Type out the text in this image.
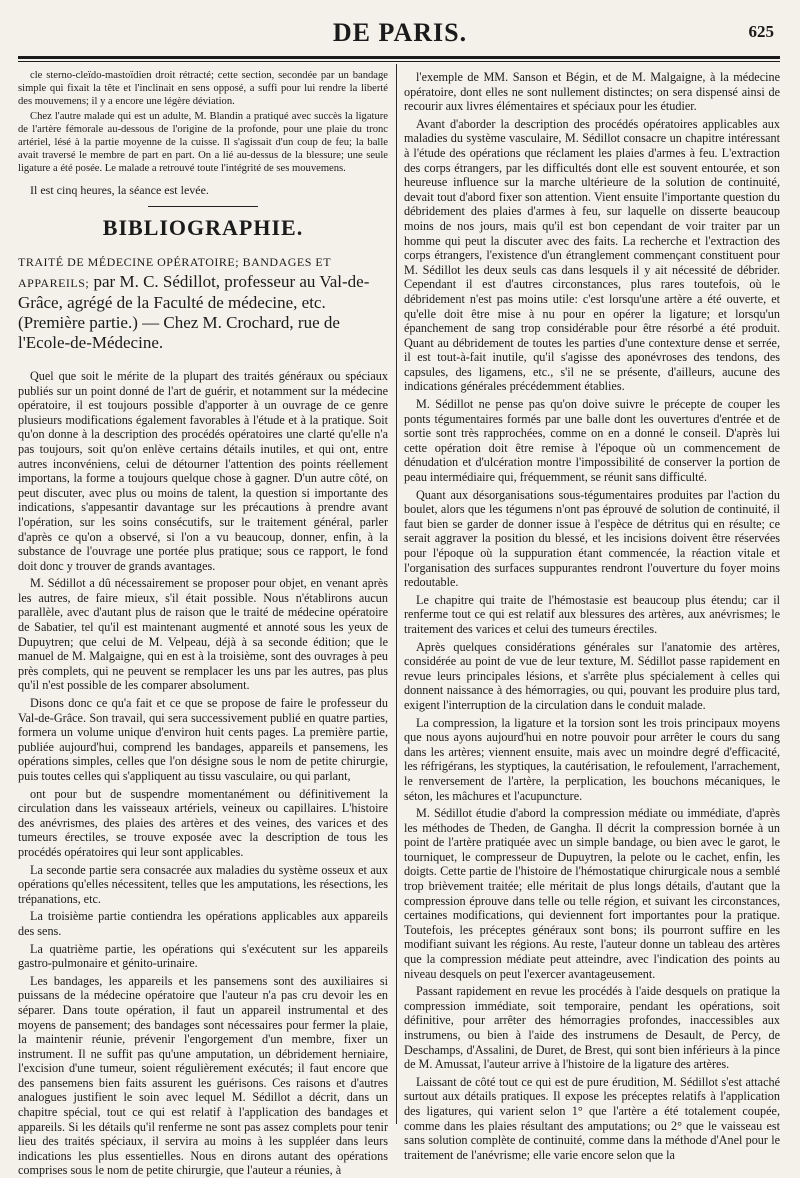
DE PARIS.	625

cle sterno-cleïdo-mastoïdien droit rétracté; cette section, secondée par un bandage simple qui fixait la tête et l'inclinait en sens opposé, a suffi pour lui rendre la liberté des mouvemens; il y a encore une légère déviation.

Chez l'autre malade qui est un adulte, M. Blandin a pratiqué avec succès la ligature de l'artère fémorale au-dessous de l'origine de la profonde, pour une plaie du tronc artériel, lésé à la partie moyenne de la cuisse. Il s'agissait d'un coup de feu; la balle avait traversé le membre de part en part. On a lié au-dessus de la blessure; une seule ligature a été posée. Le malade a retrouvé toute l'intégrité de ses mouvemens.

Il est cinq heures, la séance est levée.

BIBLIOGRAPHIE.

TRAITÉ DE MÉDECINE OPÉRATOIRE; BANDAGES ET APPAREILS; par M. C. Sédillot, professeur au Val-de-Grâce, agrégé de la Faculté de médecine, etc. (Première partie.) — Chez M. Crochard, rue de l'Ecole-de-Médecine.

Quel que soit le mérite de la plupart des traités généraux ou spéciaux publiés sur un point donné de l'art de guérir, et notamment sur la médecine opératoire, il est toujours possible d'apporter à un ouvrage de ce genre plusieurs modifications également favorables à l'étude et à la pratique. Soit qu'on donne à la description des procédés opératoires une clarté qu'elle n'a pas toujours, soit qu'on enlève certains détails inutiles, et qui ont, entre autres inconvéniens, celui de détourner l'attention des points réellement importans, la forme a toujours quelque chose à gagner. D'un autre côté, on peut discuter, avec plus ou moins de talent, la question si importante des indications, s'appesantir davantage sur les précautions à prendre avant l'opération, sur les soins consécutifs, sur le traitement général, parler d'après ce qu'on a observé, si l'on a vu beaucoup, donner, enfin, à la substance de l'ouvrage une portée plus pratique; sous ce rapport, le fond doit donc y trouver de grands avantages.

M. Sédillot a dû nécessairement se proposer pour objet, en venant après les autres, de faire mieux, s'il était possible. Nous n'établirons aucun parallèle, avec d'autant plus de raison que le traité de médecine opératoire de Sabatier, tel qu'il est maintenant augmenté et annoté sous les yeux de Dupuytren; que celui de M. Velpeau, déjà à sa seconde édition; que le manuel de M. Malgaigne, qui en est à la troisième, sont des ouvrages à peu près complets, qui ne peuvent se remplacer les uns par les autres, pas plus qu'il n'est possible de les comparer absolument.

Disons donc ce qu'a fait et ce que se propose de faire le professeur du Val-de-Grâce. Son travail, qui sera successivement publié en quatre parties, formera un volume unique d'environ huit cents pages. La première partie, publiée aujourd'hui, comprend les bandages, appareils et pansemens, les opérations simples, celles que l'on désigne sous le nom de petite chirurgie, puis toutes celles qui s'appliquent au tissu vasculaire, ou qui parlant,

ont pour but de suspendre momentanément ou définitivement la circulation dans les vaisseaux artériels, veineux ou capillaires. L'histoire des anévrismes, des plaies des artères et des veines, des varices et des tumeurs érectiles, se trouve exposée avec la description de tous les procédés opératoires qui leur sont applicables.

La seconde partie sera consacrée aux maladies du système osseux et aux opérations qu'elles nécessitent, telles que les amputations, les résections, les trépanations, etc.

La troisième partie contiendra les opérations applicables aux appareils des sens.

La quatrième partie, les opérations qui s'exécutent sur les appareils gastro-pulmonaire et génito-urinaire.

Les bandages, les appareils et les pansemens sont des auxiliaires si puissans de la médecine opératoire que l'auteur n'a pas cru devoir les en séparer. Dans toute opération, il faut un appareil instrumental et des moyens de pansement; des bandages sont nécessaires pour fermer la plaie, la maintenir réunie, prévenir l'engorgement d'un membre, fixer un instrument. Il ne suffit pas qu'une amputation, un débridement herniaire, l'excision d'une tumeur, soient régulièrement exécutés; il faut encore que des pansemens bien faits assurent les guérisons. Ces raisons et d'autres analogues justifient le soin avec lequel M. Sédillot a décrit, dans un chapitre spécial, tout ce qui est relatif à l'application des bandages et appareils. Si les détails qu'il renferme ne sont pas assez complets pour tenir lieu des traités spéciaux, il servira au moins à les suppléer dans leurs indications les plus essentielles. Nous en dirons autant des opérations comprises sous le nom de petite chirurgie, que l'auteur a réunies, à

l'exemple de MM. Sanson et Bégin, et de M. Malgaigne, à la médecine opératoire, dont elles ne sont nullement distinctes; on sera dispensé ainsi de recourir aux livres élémentaires et spéciaux pour les étudier.

Avant d'aborder la description des procédés opératoires applicables aux maladies du système vasculaire, M. Sédillot consacre un chapitre intéressant à l'étude des opérations que réclament les plaies d'armes à feu. L'extraction des corps étrangers, par les difficultés dont elle est souvent entourée, et son heureuse influence sur la marche ultérieure de la solution de continuité, devait tout d'abord fixer son attention. Vient ensuite l'importante question du débridement des plaies d'armes à feu, sur laquelle on disserte beaucoup moins de nos jours, mais qu'il est bon cependant de voir traiter par un homme qui peut la discuter avec des faits. La recherche et l'extraction des corps étrangers, l'existence d'un étranglement commençant constituent pour M. Sédillot les deux seuls cas dans lesquels il y ait nécessité de débrider. Cependant il est d'autres circonstances, plus rares toutefois, où le débridement n'est pas moins utile: c'est lorsqu'une artère a été ouverte, et qu'elle doit être mise à nu pour en opérer la ligature; et lorsqu'un épanchement de sang trop considérable pour être résorbé a été produit. Quant au débridement de toutes les parties d'une contexture dense et serrée, il est tout-à-fait inutile, qu'il s'agisse des aponévroses des tendons, des capsules, des ligamens, etc., s'il ne se présente, d'ailleurs, aucune des indications générales précédemment établies.

M. Sédillot ne pense pas qu'on doive suivre le précepte de couper les ponts tégumentaires formés par une balle dont les ouvertures d'entrée et de sortie sont très rapprochées, comme on en a donné le conseil. D'après lui cette opération doit être remise à l'époque où un commencement de dénudation et d'ulcération montre l'impossibilité de conserver la portion de peau intermédiaire qui, fréquemment, se réunit sans difficulté.

Quant aux désorganisations sous-tégumentaires produites par l'action du boulet, alors que les tégumens n'ont pas éprouvé de solution de continuité, il faut bien se garder de donner issue à l'espèce de détritus qui en résulte; ce serait aggraver la position du blessé, et les incisions doivent être réservées pour l'époque où la suppuration étant commencée, la réaction vitale et l'organisation des surfaces suppurantes rendront l'ouverture du foyer moins redoutable.

Le chapitre qui traite de l'hémostasie est beaucoup plus étendu; car il renferme tout ce qui est relatif aux blessures des artères, aux anévrismes; le traitement des varices et celui des tumeurs érectiles.

Après quelques considérations générales sur l'anatomie des artères, considérée au point de vue de leur texture, M. Sédillot passe rapidement en revue leurs principales lésions, et s'arrête plus spécialement à celles qui donnent naissance à des hémorragies, ou qui, pouvant les produire plus tard, exigent l'interruption de la circulation dans le conduit malade.

La compression, la ligature et la torsion sont les trois principaux moyens que nous ayons aujourd'hui en notre pouvoir pour arrêter le cours du sang dans les artères; viennent ensuite, mais avec un moindre degré d'efficacité, les réfrigérans, les styptiques, la cautérisation, le refoulement, l'arrachement, le renversement de l'artère, la perplication, les bouchons mécaniques, le séton, les mâchures et l'acupuncture.

M. Sédillot étudie d'abord la compression médiate ou immédiate, d'après les méthodes de Theden, de Gangha. Il décrit la compression bornée à un point de l'artère pratiquée avec un simple bandage, ou bien avec le garot, le tourniquet, le compresseur de Dupuytren, la pelote ou le cachet, enfin, les doigts. Cette partie de l'histoire de l'hémostatique chirurgicale nous a semblé trop brièvement traitée; elle méritait de plus longs détails, d'autant que la compression éprouve dans telle ou telle région, et suivant les circonstances, certaines modifications, qui deviennent fort importantes pour la pratique. Toutefois, les préceptes généraux sont bons; ils pourront suffire en les modifiant suivant les régions. Au reste, l'auteur donne un tableau des artères que la compression médiate peut atteindre, avec l'indication des points au niveau desquels on peut l'exercer avantageusement.

Passant rapidement en revue les procédés à l'aide desquels on pratique la compression immédiate, soit temporaire, pendant les opérations, soit définitive, pour arrêter des hémorragies profondes, inaccessibles aux instrumens, ou bien à l'aide des instrumens de Desault, de Percy, de Deschamps, d'Assalini, de Duret, de Brest, qui sont bien inférieurs à la pince de M. Amussat, l'auteur arrive à l'histoire de la ligature des artères.

Laissant de côté tout ce qui est de pure érudition, M. Sédillot s'est attaché surtout aux détails pratiques. Il expose les préceptes relatifs à l'application des ligatures, qui varient selon 1° que l'artère a été totalement coupée, comme dans les plaies résultant des amputations; ou 2° que le vaisseau est sans solution complète de continuité, comme dans la méthode d'Anel pour le traitement de l'anévrisme; elle varie encore selon que la
